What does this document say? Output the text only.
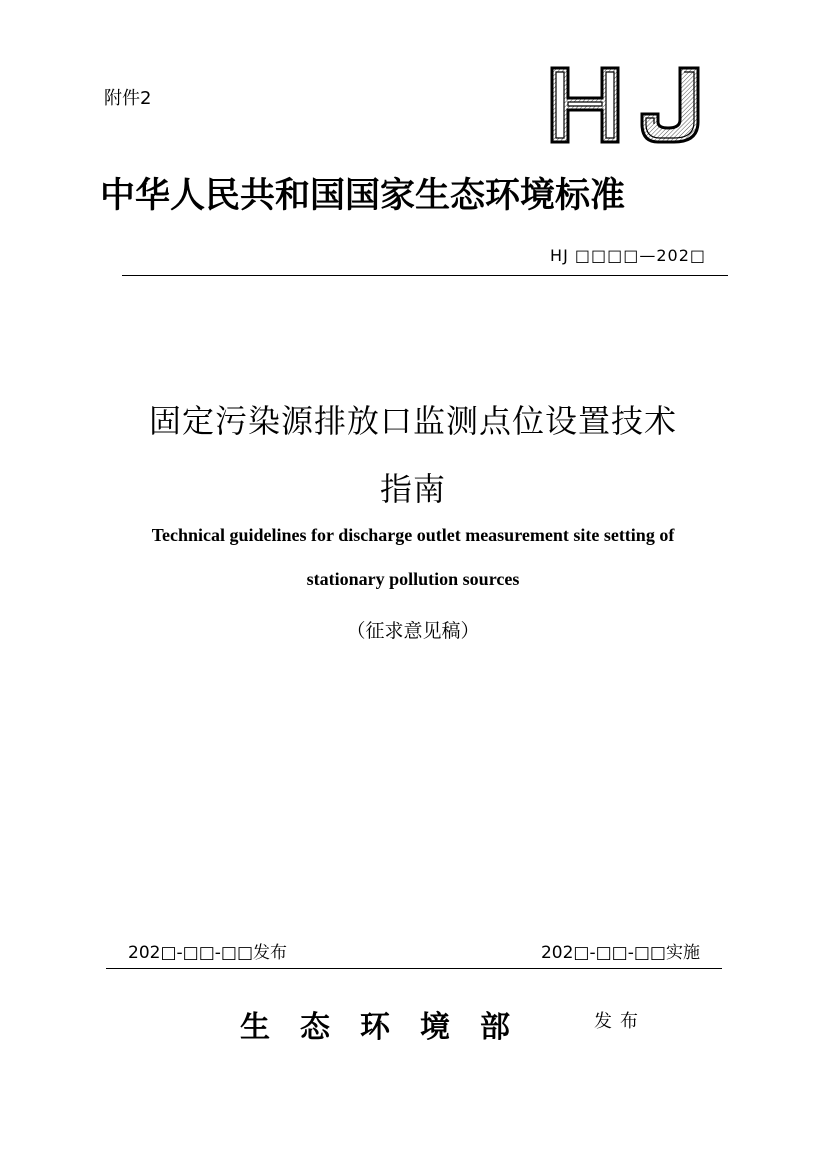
附件2
中华人民共和国国家生态环境标准
HJ □□□□—202□
固定污染源排放口监测点位设置技术
指南
Technical guidelines for discharge outlet measurement site setting of
stationary pollution sources
（征求意见稿）
202□-□□-□□发布	202□-□□-□□实施
生态环境部	发布
